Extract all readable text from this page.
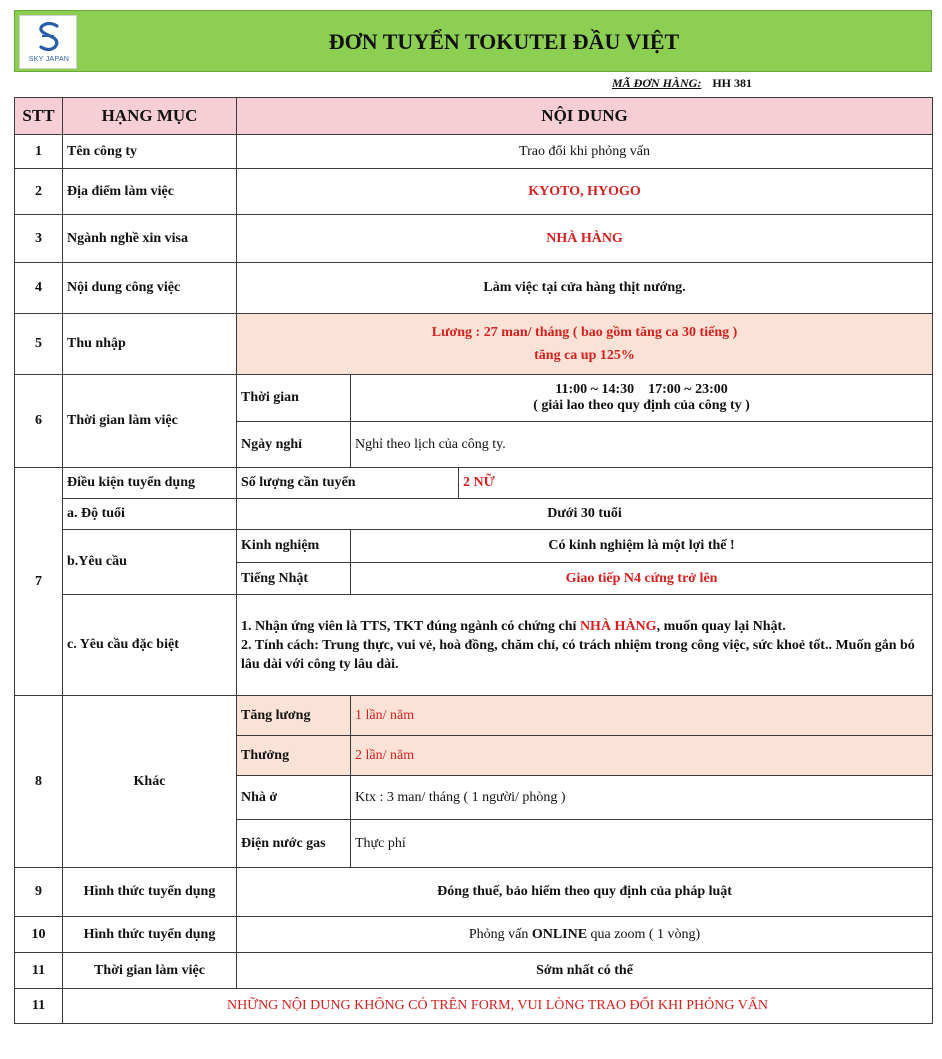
SKY JAPAN
ĐƠN TUYỂN TOKUTEI ĐẦU VIỆT
MÃ ĐƠN HÀNG: HH 381
STT	HẠNG MỤC	NỘI DUNG		
1	Tên công ty	Trao đổi khi phỏng vấn		
2	Địa điểm làm việc	KYOTO, HYOGO		
3	Ngành nghề xin visa	NHÀ HÀNG		
4	Nội dung công việc	Làm việc tại cửa hàng thịt nướng.		
5	Thu nhập	Lương : 27 man/ tháng ( bao gồm tăng ca 30 tiếng )
tăng ca up 125%		

6	Thời gian làm việc	Thời gian	11:00 ~ 14:30    17:00 ~ 23:00
( giải lao theo quy định của công ty )	

		Ngày nghỉ	Nghỉ theo lịch của công ty.	
7	Điều kiện tuyển dụng	Số lượng cần tuyển		2 NỮ
	a. Độ tuổi	Dưới 30 tuổi		
	b.Yêu cầu	Kinh nghiệm	Có kinh nghiệm là một lợi thế !	
		Tiếng Nhật	Giao tiếp N4 cứng trở lên	
	c. Yêu cầu đặc biệt	1. Nhận ứng viên là TTS, TKT đúng ngành có chứng chỉ NHÀ HÀNG, muốn quay lại Nhật.
2. Tính cách: Trung thực, vui vẻ, hoà đồng, chăm chỉ, có trách nhiệm trong công việc, sức khoẻ tốt.. Muốn gắn bó lâu dài với công ty lâu dài.		

8	Khác	Tăng lương	1 lần/ năm	
		Thưởng	2 lần/ năm	
		Nhà ở	Ktx : 3 man/ tháng ( 1 người/ phòng )	
		Điện nước gas	Thực phí	
9	Hình thức tuyển dụng	Đóng thuế, bảo hiểm theo quy định của pháp luật		
10	Hình thức tuyển dụng	Phỏng vấn ONLINE qua zoom ( 1 vòng)		
11	Thời gian làm việc	Sớm nhất có thể		
11	NHỮNG NỘI DUNG KHÔNG CÓ TRÊN FORM, VUI LÒNG TRAO ĐỔI KHI PHỎNG VẤN			
